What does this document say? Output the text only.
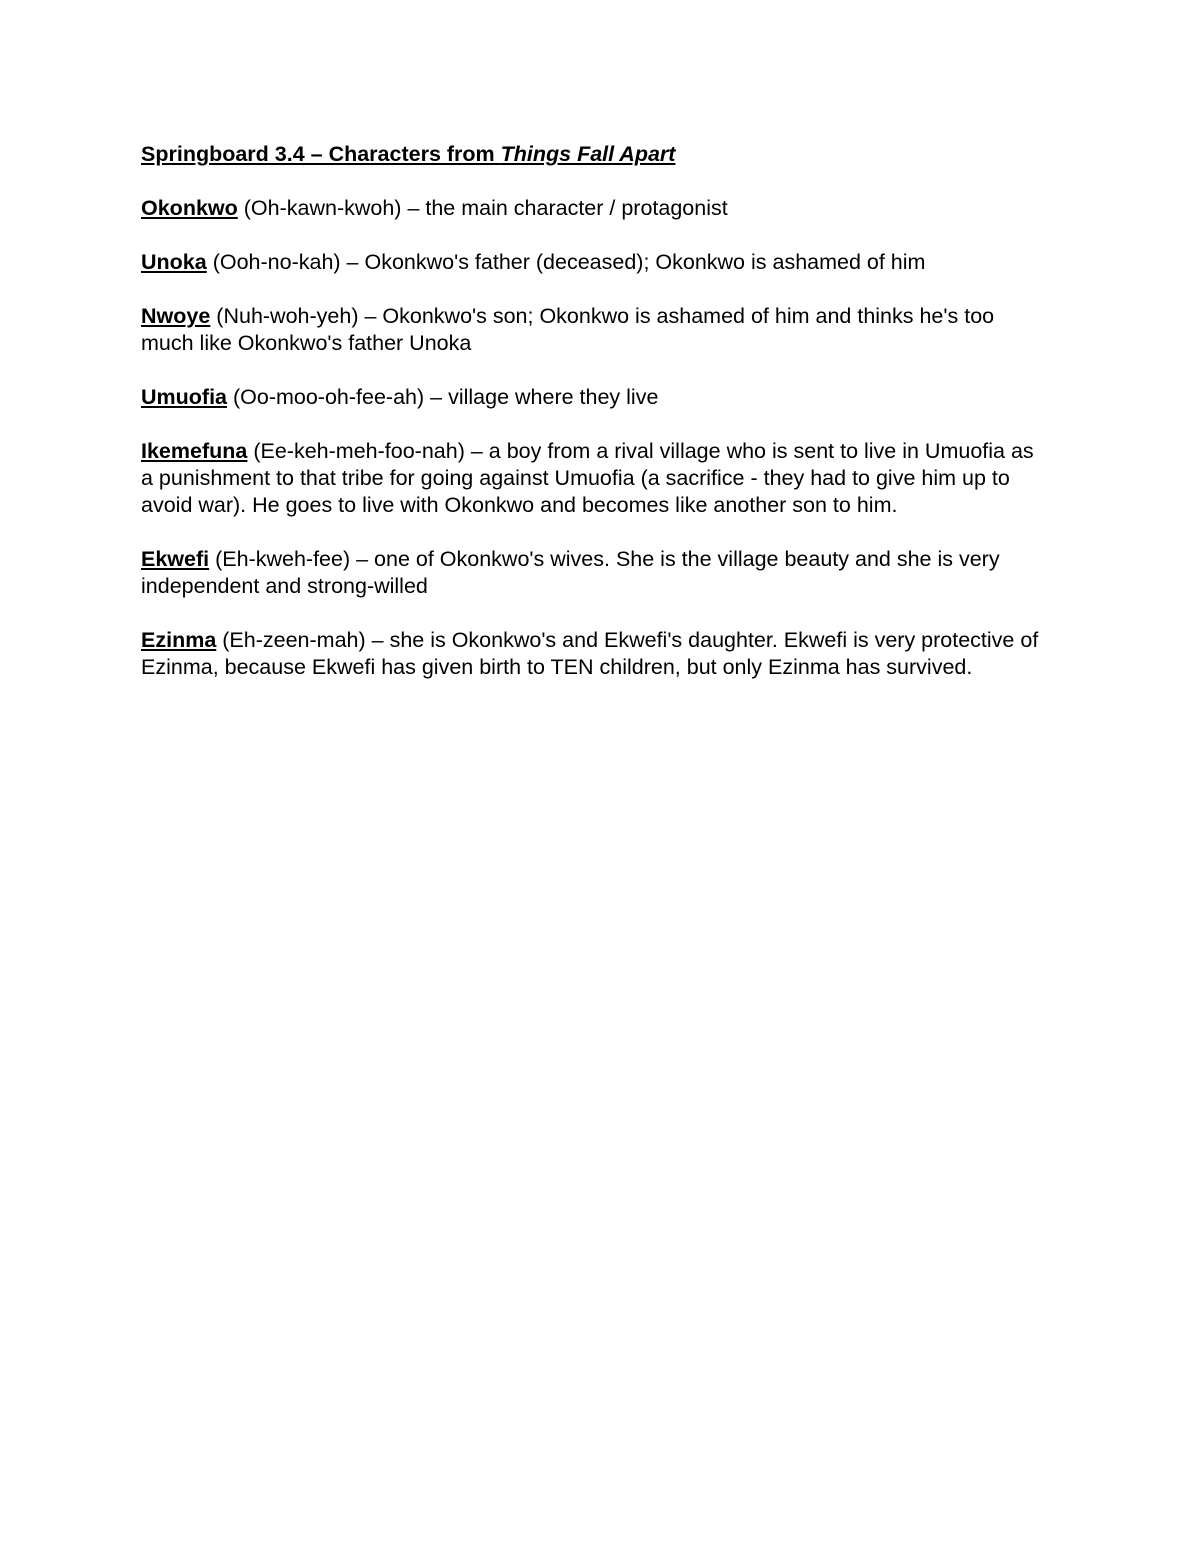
Springboard 3.4 – Characters from Things Fall Apart

Okonkwo (Oh-kawn-kwoh) – the main character / protagonist

Unoka (Ooh-no-kah) – Okonkwo's father (deceased); Okonkwo is ashamed of him

Nwoye (Nuh-woh-yeh) – Okonkwo's son; Okonkwo is ashamed of him and thinks he's too much like Okonkwo's father Unoka

Umuofia (Oo-moo-oh-fee-ah) – village where they live

Ikemefuna (Ee-keh-meh-foo-nah) – a boy from a rival village who is sent to live in Umuofia as a punishment to that tribe for going against Umuofia (a sacrifice - they had to give him up to avoid war). He goes to live with Okonkwo and becomes like another son to him.

Ekwefi (Eh-kweh-fee) – one of Okonkwo's wives. She is the village beauty and she is very independent and strong-willed

Ezinma (Eh-zeen-mah) – she is Okonkwo's and Ekwefi's daughter. Ekwefi is very protective of Ezinma, because Ekwefi has given birth to TEN children, but only Ezinma has survived.
